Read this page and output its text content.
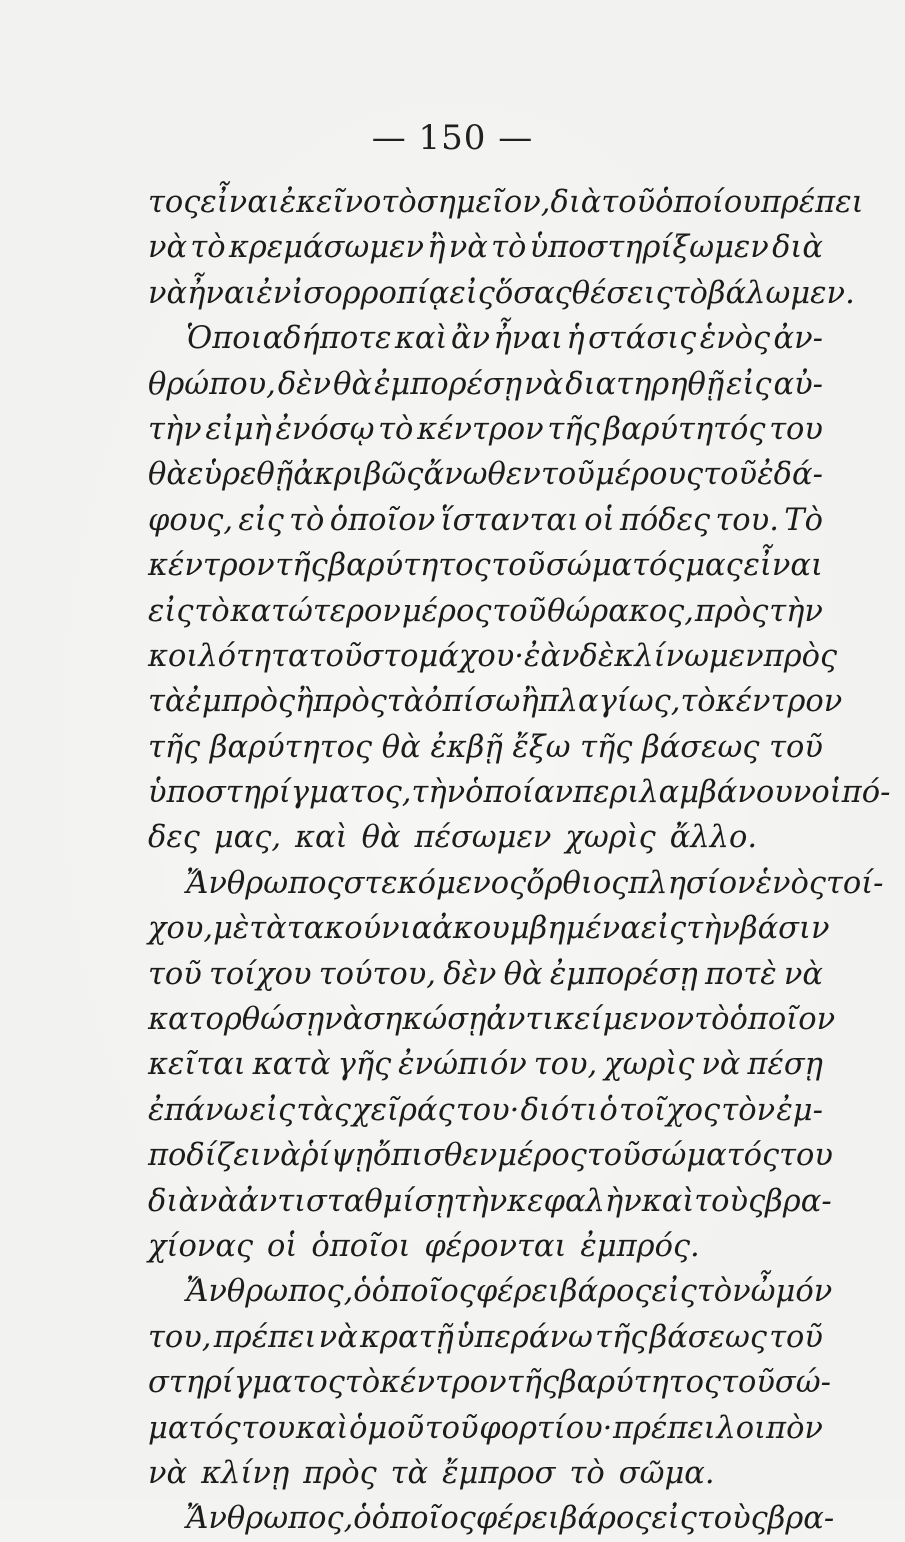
— 150 —
τος εἶναι ἐκεῖνο τὸ σημεῖον, διὰ τοῦ ὁποίου πρέπει
νὰ τὸ κρεμάσωμεν ἢ νὰ τὸ ὑποστηρίξωμεν διὰ
νὰ ἦναι ἐν ἰσορροπίᾳ εἰς ὅσας θέσεις τὸ βάλωμεν.
Ὁποιαδήποτε καὶ ἂν ἦναι ἡ στάσις ἑνὸς ἀν-
θρώπου, δὲν θὰ ἐμπορέσῃ νὰ διατηρηθῇ εἰς αὐ-
τὴν εἰμὴ ἐνόσῳ τὸ κέντρον τῆς βαρύτητός του
θὰ εὑρεθῇ ἀκριβῶς ἄνωθεν τοῦ μέρους τοῦ ἐδά-
φους, εἰς τὸ ὁποῖον ἵστανται οἱ πόδες του. Τὸ
κέντρον τῆς βαρύτητος τοῦ σώματός μας εἶναι
εἰς τὸ κατώτερον μέρος τοῦ θώρακος, πρὸς τὴν
κοιλότητα τοῦ στομάχου· ἐὰν δὲ κλίνωμεν πρὸς
τὰ ἐμπρὸς ἢ πρὸς τὰ ὀπίσω ἢ πλαγίως, τὸ κέντρον
τῆς βαρύτητος θὰ ἐκβῇ ἔξω τῆς βάσεως τοῦ
ὑποστηρίγματος, τὴν ὁποίαν περιλαμβάνουν οἱ πό-
δες μας, καὶ θὰ πέσωμεν χωρὶς ἄλλο.
Ἄνθρωπος στεκόμενος ὄρθιος πλησίον ἑνὸς τοί-
χου, μὲ τὰ τακούνια ἀκουμβημένα εἰς τὴν βάσιν
τοῦ τοίχου τούτου, δὲν θὰ ἐμπορέσῃ ποτὲ νὰ
κατορθώσῃ νὰ σηκώσῃ ἀντικείμενον τὸ ὁποῖον
κεῖται κατὰ γῆς ἐνώπιόν του, χωρὶς νὰ πέσῃ
ἐπάνω εἰς τὰς χεῖράς του· διότι ὁ τοῖχος τὸν ἐμ-
ποδίζει νὰ ῥίψῃ ὄπισθεν μέρος τοῦ σώματός του
διὰ νὰ ἀντισταθμίσῃ τὴν κεφαλὴν καὶ τοὺς βρα-
χίονας οἱ ὁποῖοι φέρονται ἐμπρός.
Ἄνθρωπος, ὁ ὁποῖος φέρει βάρος εἰς τὸν ὦμόν
του, πρέπει νὰ κρατῇ ὑπεράνω τῆς βάσεως τοῦ
στηρίγματος τὸ κέντρον τῆς βαρύτητος τοῦ σώ-
ματός του καὶ ὁμοῦ τοῦ φορτίου· πρέπει λοιπὸν
νὰ κλίνῃ πρὸς τὰ ἔμπροσ τὸ σῶμα.
Ἄνθρωπος, ὁ ὁποῖος φέρει βάρος εἰς τοὺς βρα-
